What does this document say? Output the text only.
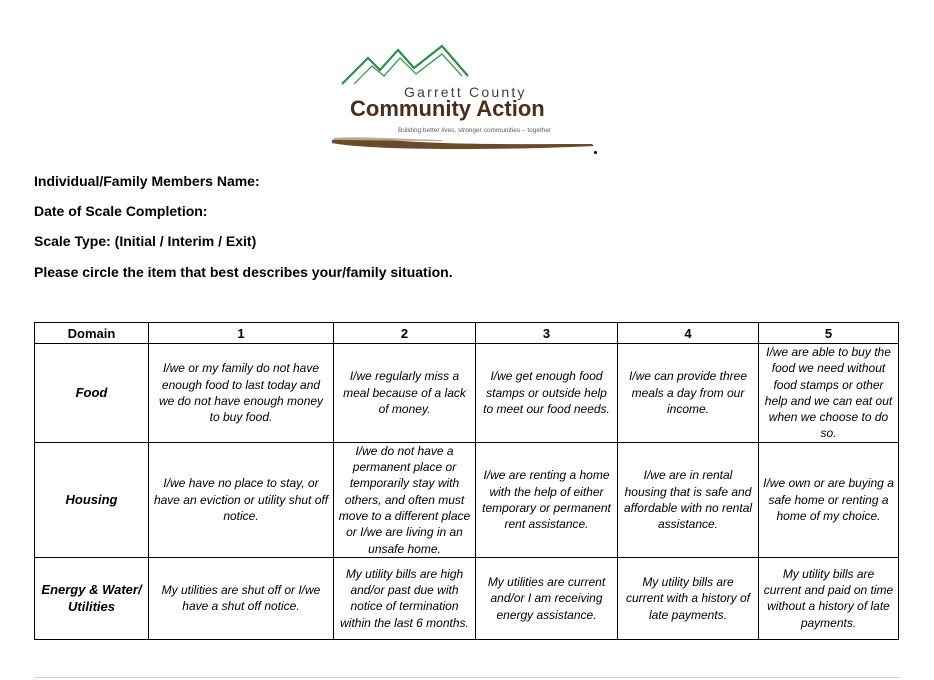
Garrett County
Community Action
Building better lives, stronger communities – together
Individual/Family Members Name:
Date of Scale Completion:
Scale Type: (Initial / Interim / Exit)
Please circle the item that best describes your/family situation.
Domain	1	2	3	4	5
Food	I/we or my family do not have enough food to last today and we do not have enough money to buy food.	I/we regularly miss a meal because of a lack of money.	I/we get enough food stamps or outside help to meet our food needs.	I/we can provide three meals a day from our income.	I/we are able to buy the food we need without food stamps or other help and we can eat out when we choose to do so.
Housing	I/we have no place to stay, or have an eviction or utility shut off notice.	I/we do not have a permanent place or temporarily stay with others, and often must move to a different place or I/we are living in an unsafe home.	I/we are renting a home with the help of either temporary or permanent rent assistance.	I/we are in rental housing that is safe and affordable with no rental assistance.	I/we own or are buying a safe home or renting a home of my choice.
Energy & Water/ Utilities	My utilities are shut off or I/we have a shut off notice.	My utility bills are high and/or past due with notice of termination within the last 6 months.	My utilities are current and/or I am receiving energy assistance.	My utility bills are current with a history of late payments.	My utility bills are current and paid on time without a history of late payments.
